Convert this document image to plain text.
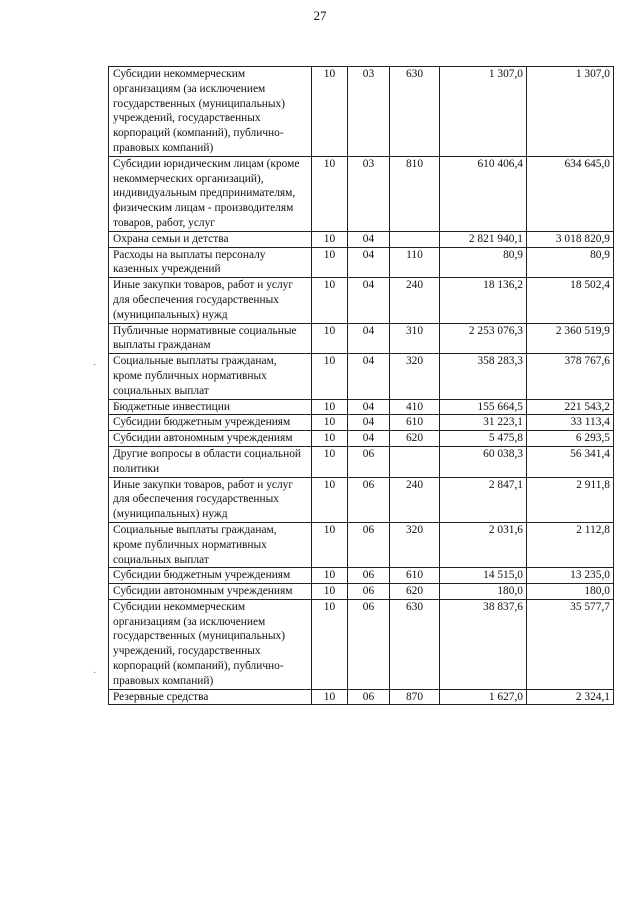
27
Субсидии некоммерческим организациям (за исключением государственных (муниципальных) учреждений, государственных корпораций (компаний), публично-правовых компаний)	10	03	630	1 307,0	1 307,0
Субсидии юридическим лицам (кроме некоммерческих организаций), индивидуальным предпринимателям, физическим лицам - производителям товаров, работ, услуг	10	03	810	610 406,4	634 645,0
Охрана семьи и детства	10	04		2 821 940,1	3 018 820,9
Расходы на выплаты персоналу казенных учреждений	10	04	110	80,9	80,9
Иные закупки товаров, работ и услуг для обеспечения государственных (муниципальных) нужд	10	04	240	18 136,2	18 502,4
Публичные нормативные социальные выплаты гражданам	10	04	310	2 253 076,3	2 360 519,9
Социальные выплаты гражданам, кроме публичных нормативных социальных выплат	10	04	320	358 283,3	378 767,6
Бюджетные инвестиции	10	04	410	155 664,5	221 543,2
Субсидии бюджетным учреждениям	10	04	610	31 223,1	33 113,4
Субсидии автономным учреждениям	10	04	620	5 475,8	6 293,5
Другие вопросы в области социальной политики	10	06		60 038,3	56 341,4
Иные закупки товаров, работ и услуг для обеспечения государственных (муниципальных) нужд	10	06	240	2 847,1	2 911,8
Социальные выплаты гражданам, кроме публичных нормативных социальных выплат	10	06	320	2 031,6	2 112,8
Субсидии бюджетным учреждениям	10	06	610	14 515,0	13 235,0
Субсидии автономным учреждениям	10	06	620	180,0	180,0
Субсидии некоммерческим организациям (за исключением государственных (муниципальных) учреждений, государственных корпораций (компаний), публично-правовых компаний)	10	06	630	38 837,6	35 577,7
Резервные средства	10	06	870	1 627,0	2 324,1
·
·
